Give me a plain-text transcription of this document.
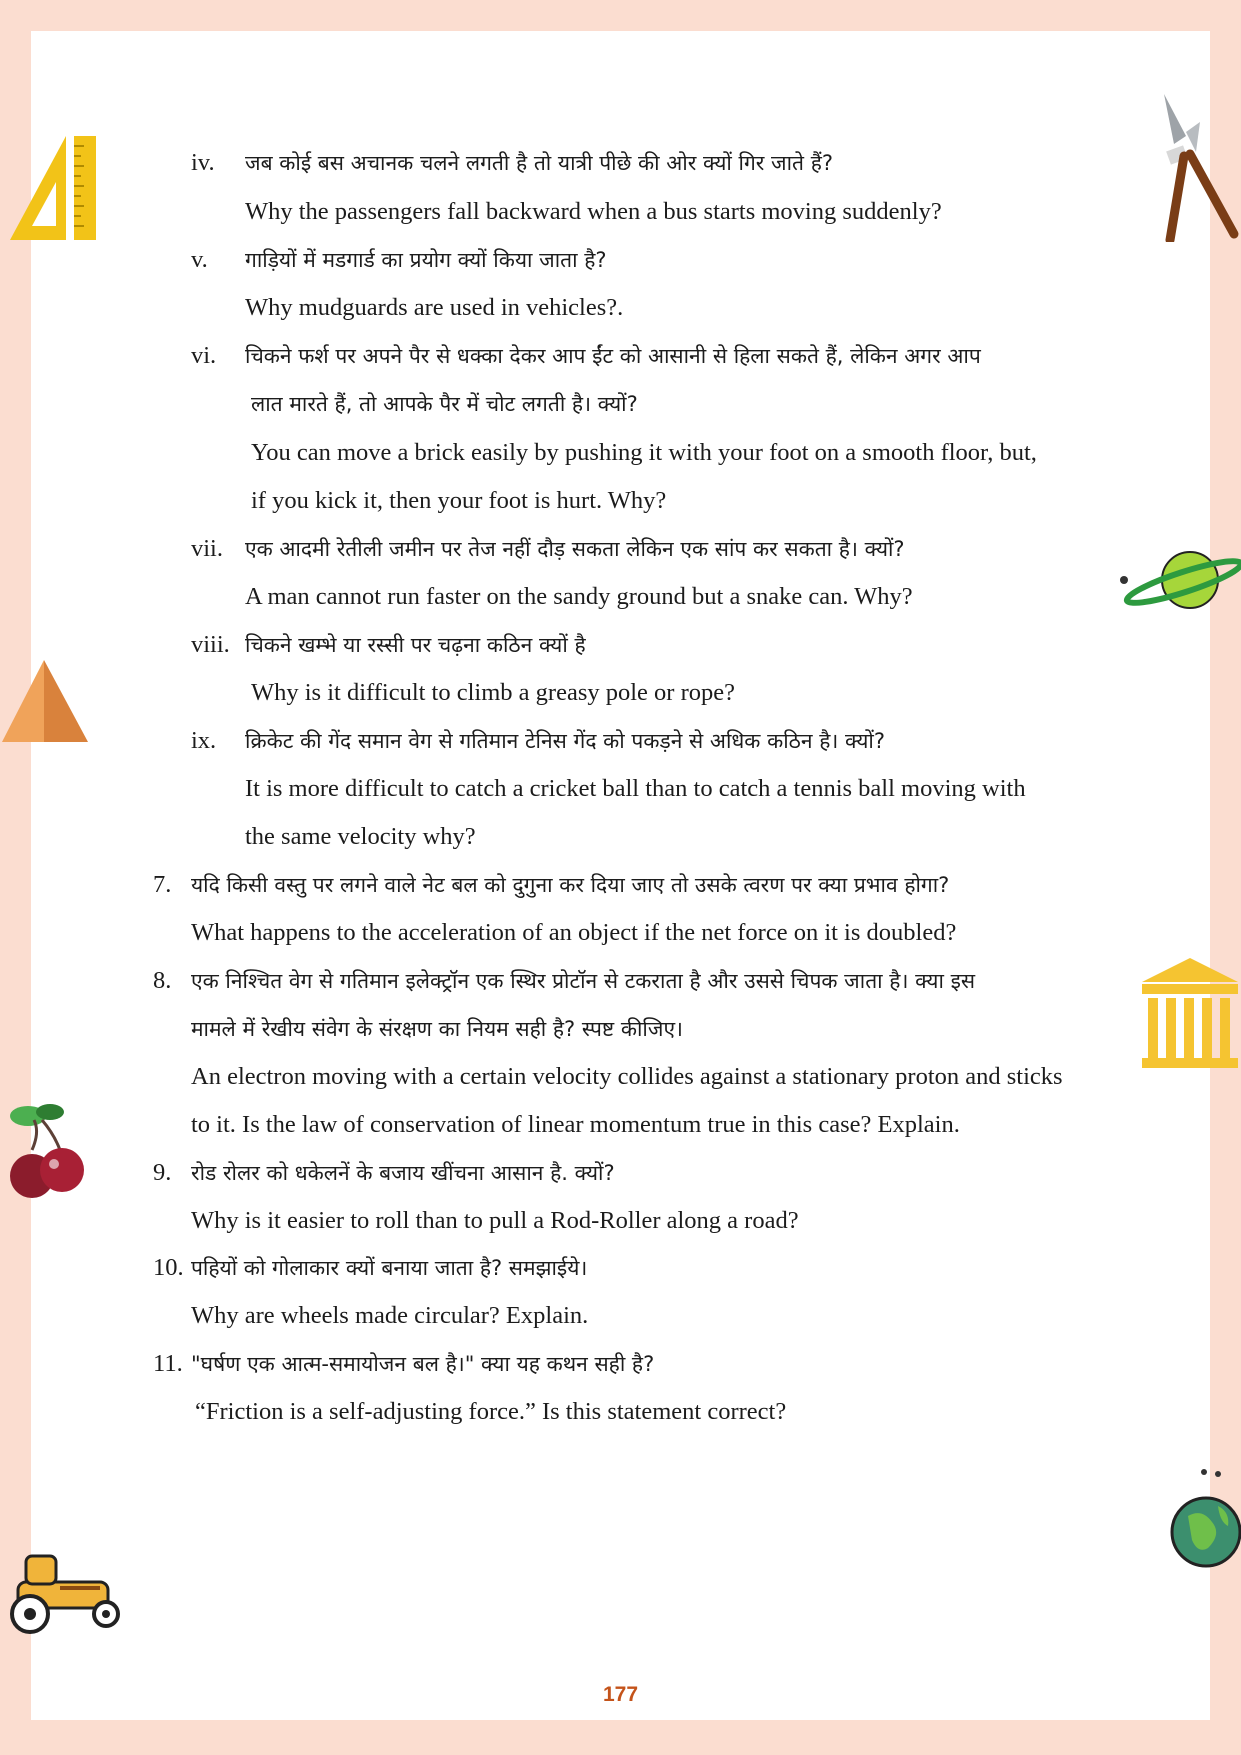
iv. जब कोई बस अचानक चलने लगती है तो यात्री पीछे की ओर क्यों गिर जाते हैं?
Why the passengers fall backward when a bus starts moving suddenly?
v. गाड़ियों में मडगार्ड का प्रयोग क्यों किया जाता है?
Why mudguards are used in vehicles?.
vi. चिकने फर्श पर अपने पैर से धक्का देकर आप ईंट को आसानी से हिला सकते हैं, लेकिन अगर आप
लात मारते हैं, तो आपके पैर में चोट लगती है। क्यों?
You can move a brick easily by pushing it with your foot on a smooth floor, but,
if you kick it, then your foot is hurt. Why?
vii. एक आदमी रेतीली जमीन पर तेज नहीं दौड़ सकता लेकिन एक सांप कर सकता है। क्यों?
A man cannot run faster on the sandy ground but a snake can. Why?
viii. चिकने खम्भे या रस्सी पर चढ़ना कठिन क्यों है
Why is it difficult to climb a greasy pole or rope?
ix. क्रिकेट की गेंद समान वेग से गतिमान टेनिस गेंद को पकड़ने से अधिक कठिन है। क्यों?
It is more difficult to catch a cricket ball than to catch a tennis ball moving with
the same velocity why?
7. यदि किसी वस्तु पर लगने वाले नेट बल को दुगुना कर दिया जाए तो उसके त्वरण पर क्या प्रभाव होगा?
What happens to the acceleration of an object if the net force on it is doubled?
8. एक निश्चित वेग से गतिमान इलेक्ट्रॉन एक स्थिर प्रोटॉन से टकराता है और उससे चिपक जाता है। क्या इस
मामले में रेखीय संवेग के संरक्षण का नियम सही है? स्पष्ट कीजिए।
An electron moving with a certain velocity collides against a stationary proton and sticks
to it. Is the law of conservation of linear momentum true in this case? Explain.
9. रोड रोलर को धकेलनें के बजाय खींचना आसान है. क्यों?
Why is it easier to roll than to pull a Rod-Roller along a road?
10. पहियों को गोलाकार क्यों बनाया जाता है? समझाईये।
Why are wheels made circular? Explain.
11. "घर्षण एक आत्म-समायोजन बल है।" क्या यह कथन सही है?
“Friction is a self-adjusting force.” Is this statement correct?
177
